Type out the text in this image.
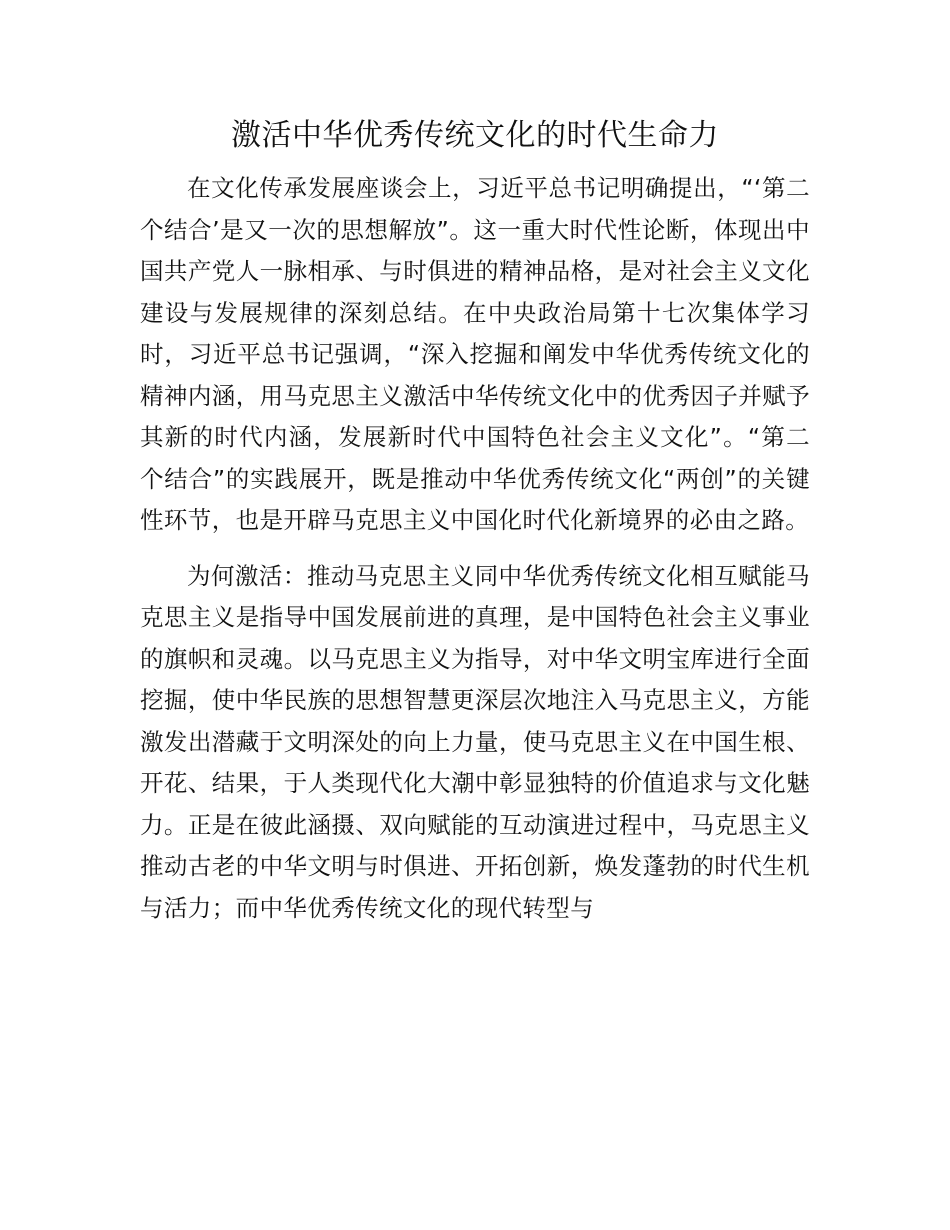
激活中华优秀传统文化的时代生命力

在文化传承发展座谈会上，习近平总书记明确提出，“‘第二个结合’是又一次的思想解放”。这一重大时代性论断，体现出中国共产党人一脉相承、与时俱进的精神品格，是对社会主义文化建设与发展规律的深刻总结。在中央政治局第十七次集体学习时，习近平总书记强调，“深入挖掘和阐发中华优秀传统文化的精神内涵，用马克思主义激活中华传统文化中的优秀因子并赋予其新的时代内涵，发展新时代中国特色社会主义文化”。“第二个结合”的实践展开，既是推动中华优秀传统文化“两创”的关键性环节，也是开辟马克思主义中国化时代化新境界的必由之路。

为何激活：推动马克思主义同中华优秀传统文化相互赋能马克思主义是指导中国发展前进的真理，是中国特色社会主义事业的旗帜和灵魂。以马克思主义为指导，对中华文明宝库进行全面挖掘，使中华民族的思想智慧更深层次地注入马克思主义，方能激发出潜藏于文明深处的向上力量，使马克思主义在中国生根、开花、结果，于人类现代化大潮中彰显独特的价值追求与文化魅力。正是在彼此涵摄、双向赋能的互动演进过程中，马克思主义推动古老的中华文明与时俱进、开拓创新，焕发蓬勃的时代生机与活力；而中华优秀传统文化的现代转型与
